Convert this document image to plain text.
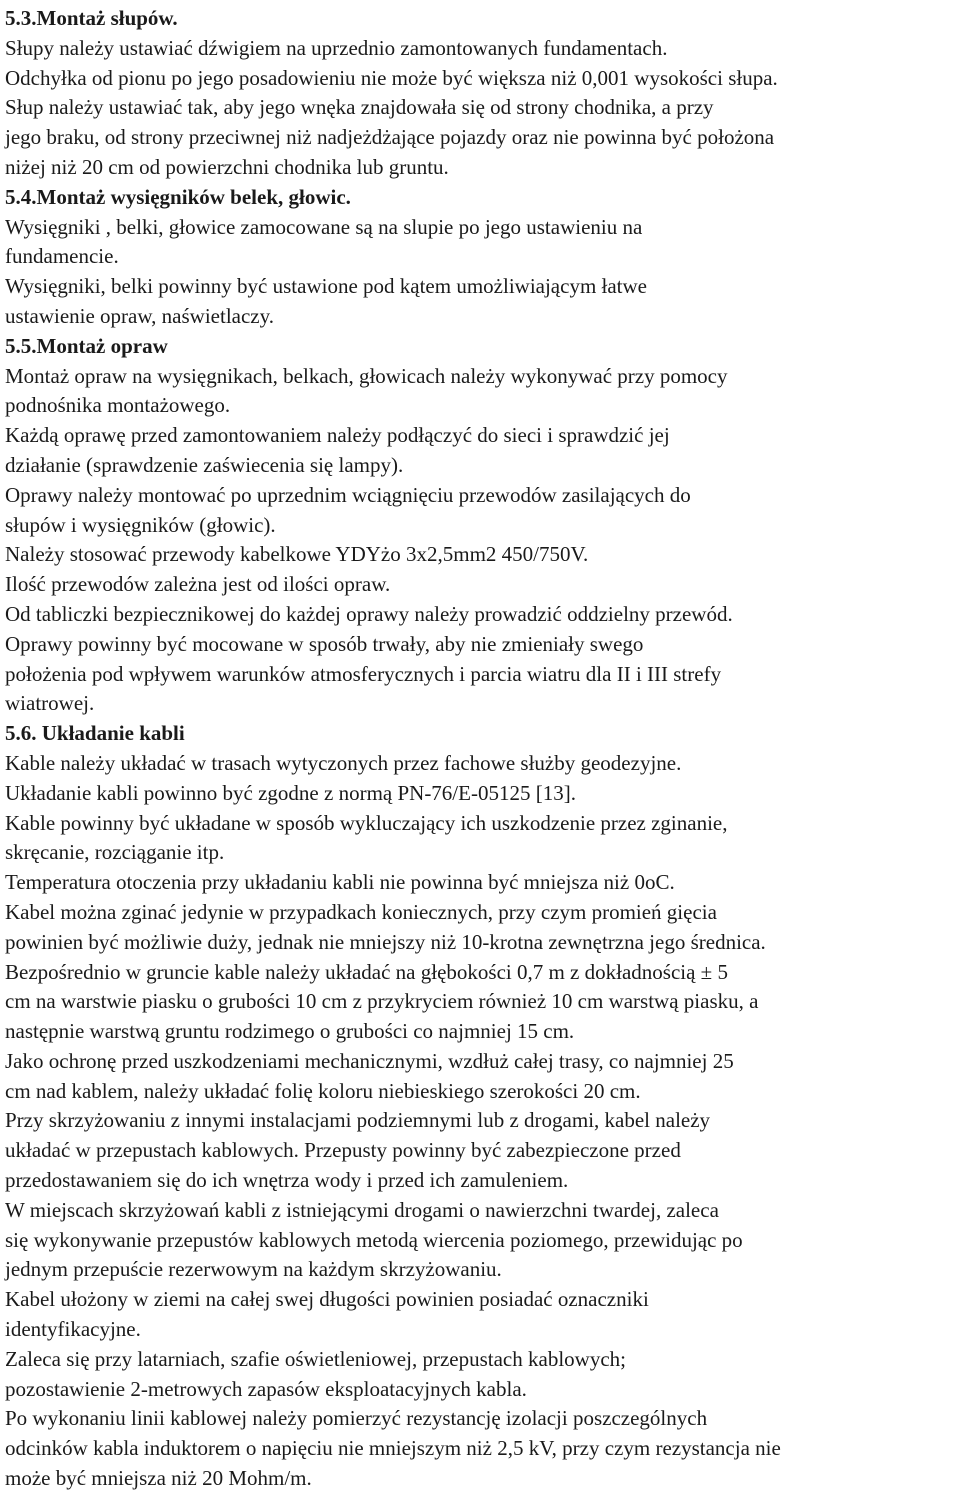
5.3.Montaż słupów.
Słupy należy ustawiać dźwigiem na uprzednio zamontowanych fundamentach.
Odchyłka od pionu po jego posadowieniu nie może być większa niż 0,001 wysokości słupa.
Słup należy ustawiać tak, aby jego wnęka znajdowała się od strony chodnika, a przy
jego braku, od strony przeciwnej niż nadjeżdżające pojazdy oraz nie powinna być położona
niżej niż 20 cm od powierzchni chodnika lub gruntu.
5.4.Montaż wysięgników belek, głowic.
Wysięgniki , belki, głowice zamocowane są na slupie po jego ustawieniu na
fundamencie.
Wysięgniki, belki powinny być ustawione pod kątem umożliwiającym łatwe
ustawienie opraw, naświetlaczy.
5.5.Montaż opraw
Montaż opraw na wysięgnikach, belkach, głowicach należy wykonywać przy pomocy
podnośnika montażowego.
Każdą oprawę przed zamontowaniem należy podłączyć do sieci i sprawdzić jej
działanie (sprawdzenie zaświecenia się lampy).
Oprawy należy montować po uprzednim wciągnięciu przewodów zasilających do
słupów i wysięgników (głowic).
Należy stosować przewody kabelkowe YDYżo 3x2,5mm2 450/750V.
Ilość przewodów zależna jest od ilości opraw.
Od tabliczki bezpiecznikowej do każdej oprawy należy prowadzić oddzielny przewód.
Oprawy powinny być mocowane w sposób trwały, aby nie zmieniały swego
położenia pod wpływem warunków atmosferycznych i parcia wiatru dla II i III strefy
wiatrowej.
5.6. Układanie kabli
Kable należy układać w trasach wytyczonych przez fachowe służby geodezyjne.
Układanie kabli powinno być zgodne z normą PN-76/E-05125 [13].
Kable powinny być układane w sposób wykluczający ich uszkodzenie przez zginanie,
skręcanie, rozciąganie itp.
Temperatura otoczenia przy układaniu kabli nie powinna być mniejsza niż 0oC.
Kabel można zginać jedynie w przypadkach koniecznych, przy czym promień gięcia
powinien być możliwie duży, jednak nie mniejszy niż 10-krotna zewnętrzna jego średnica.
Bezpośrednio w gruncie kable należy układać na głębokości 0,7 m z dokładnością ± 5
cm na warstwie piasku o grubości 10 cm z przykryciem również 10 cm warstwą piasku, a
następnie warstwą gruntu rodzimego o grubości co najmniej 15 cm.
Jako ochronę przed uszkodzeniami mechanicznymi, wzdłuż całej trasy, co najmniej 25
cm nad kablem, należy układać folię koloru niebieskiego szerokości 20 cm.
Przy skrzyżowaniu z innymi instalacjami podziemnymi lub z drogami, kabel należy
układać w przepustach kablowych. Przepusty powinny być zabezpieczone przed
przedostawaniem się do ich wnętrza wody i przed ich zamuleniem.
W miejscach skrzyżowań kabli z istniejącymi drogami o nawierzchni twardej, zaleca
się wykonywanie przepustów kablowych metodą wiercenia poziomego, przewidując po
jednym przepuście rezerwowym na każdym skrzyżowaniu.
Kabel ułożony w ziemi na całej swej długości powinien posiadać oznaczniki
identyfikacyjne.
Zaleca się przy latarniach, szafie oświetleniowej, przepustach kablowych;
pozostawienie 2-metrowych zapasów eksploatacyjnych kabla.
Po wykonaniu linii kablowej należy pomierzyć rezystancję izolacji poszczególnych
odcinków kabla induktorem o napięciu nie mniejszym niż 2,5 kV, przy czym rezystancja nie
może być mniejsza niż 20 Mohm/m.
